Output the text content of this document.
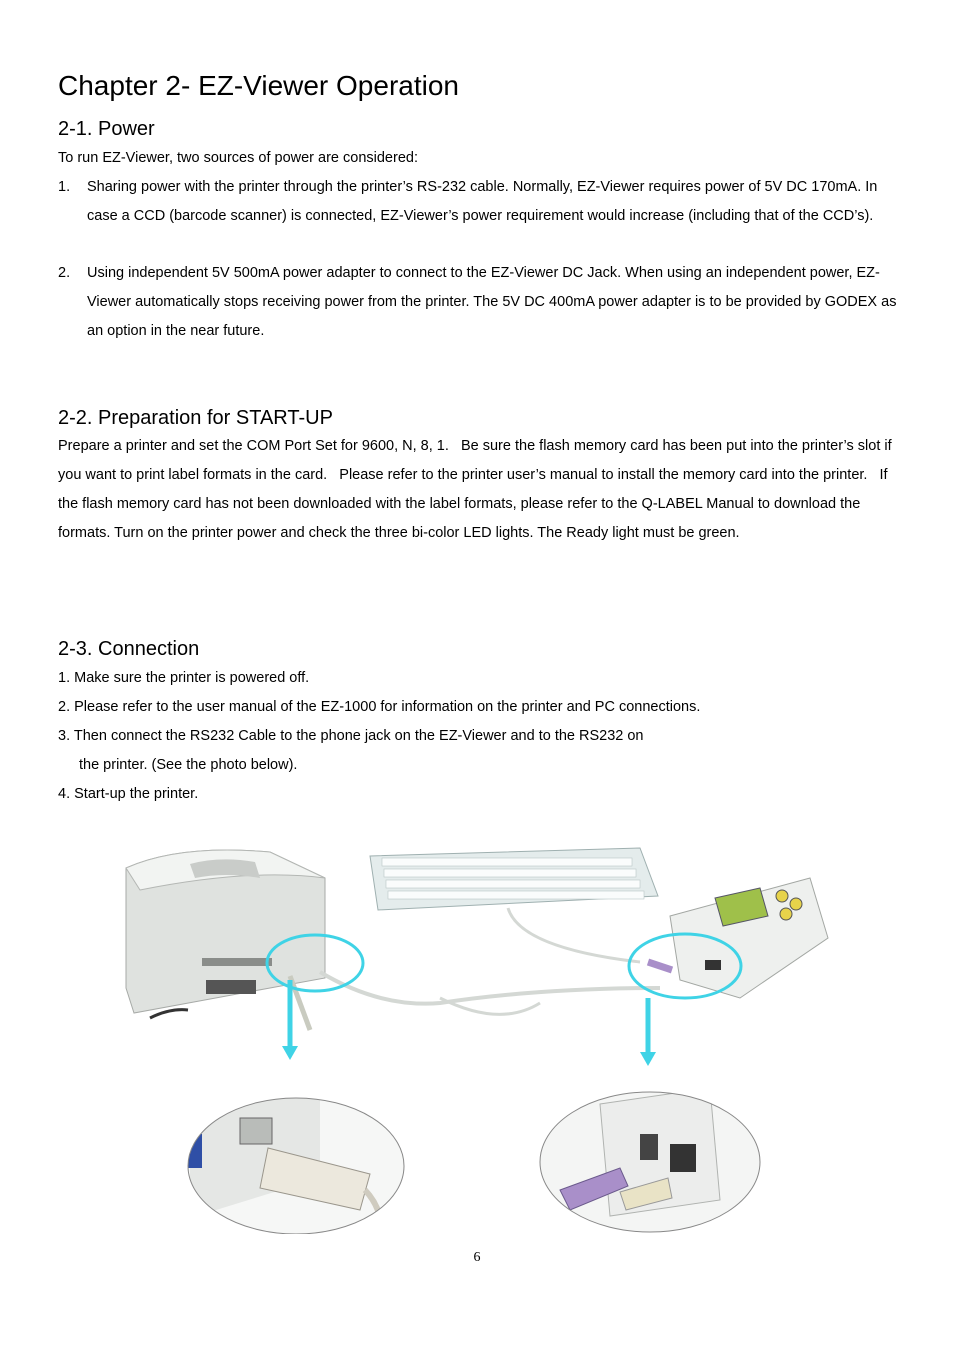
Chapter 2- EZ-Viewer Operation
2-1. Power

To run EZ-Viewer, two sources of power are considered:

1. Sharing power with the printer through the printer’s RS-232 cable. Normally, EZ-Viewer requires power of 5V DC 170mA. In case a CCD (barcode scanner) is connected, EZ-Viewer’s power requirement would increase (including that of the CCD’s).
2. Using independent 5V 500mA power adapter to connect to the EZ-Viewer DC Jack. When using an independent power, EZ-Viewer automatically stops receiving power from the printer. The 5V DC 400mA power adapter is to be provided by GODEX as an option in the near future.
2-2. Preparation for START-UP

Prepare a printer and set the COM Port Set for 9600, N, 8, 1.   Be sure the flash memory card has been put into the printer’s slot if you want to print label formats in the card.   Please refer to the printer user’s manual to install the memory card into the printer.   If the flash memory card has not been downloaded with the label formats, please refer to the Q-LABEL Manual to download the formats. Turn on the printer power and check the three bi-color LED lights. The Ready light must be green.

2-3. Connection
1. Make sure the printer is powered off.
2. Please refer to the user manual of the EZ-1000 for information on the printer and PC connections.
3. Then connect the RS232 Cable to the phone jack on the EZ-Viewer and to the RS232 on
the printer. (See the photo below).
4. Start-up the printer.
6
